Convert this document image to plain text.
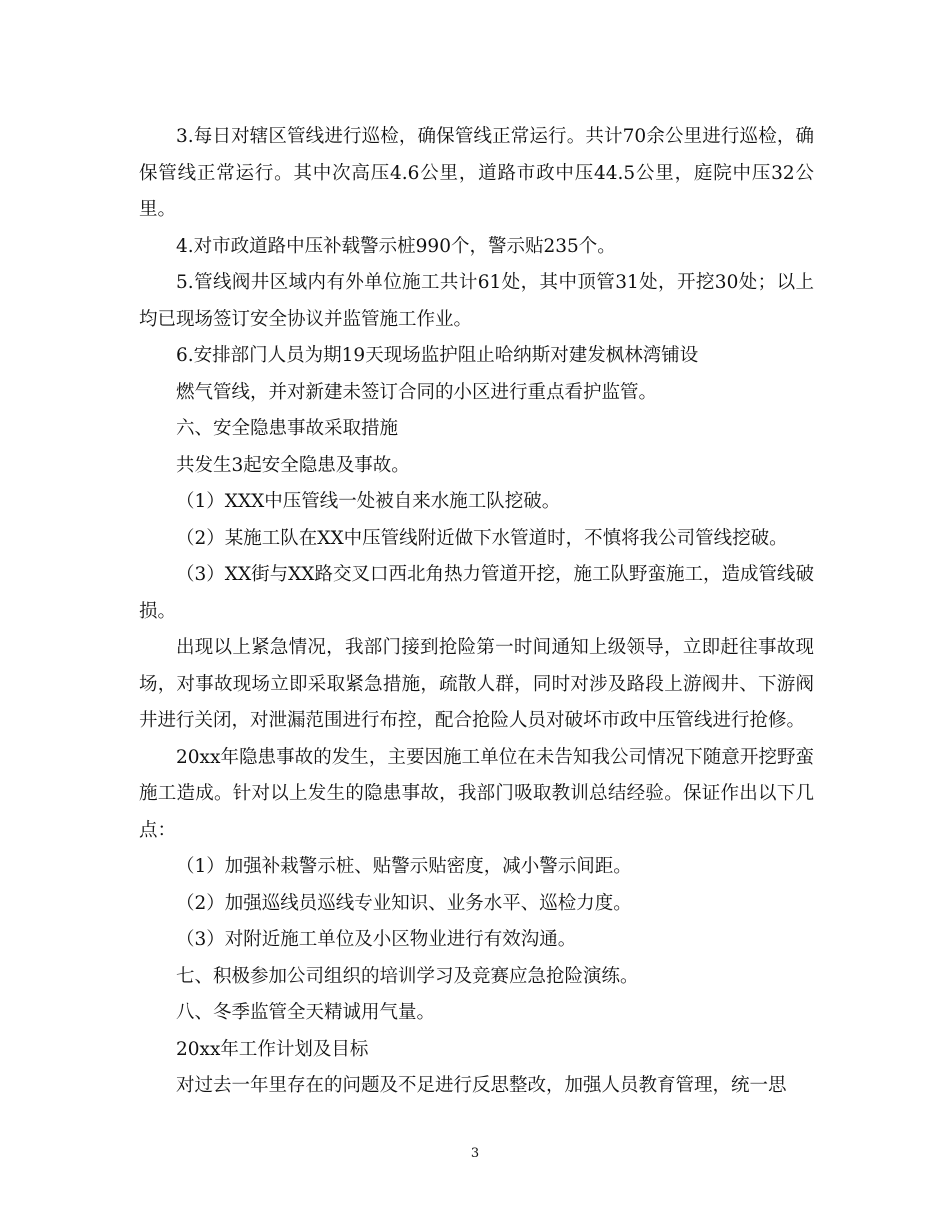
3.每日对辖区管线进行巡检，确保管线正常运行。共计70余公里进行巡检，确保管线正常运行。其中次高压4.6公里，道路市政中压44.5公里，庭院中压32公里。

4.对市政道路中压补载警示桩990个，警示贴235个。

5.管线阀井区域内有外单位施工共计61处，其中顶管31处，开挖30处；以上均已现场签订安全协议并监管施工作业。

6.安排部门人员为期19天现场监护阻止哈纳斯对建发枫林湾铺设

燃气管线，并对新建未签订合同的小区进行重点看护监管。

六、安全隐患事故采取措施

共发生3起安全隐患及事故。

（1）XXX中压管线一处被自来水施工队挖破。

（2）某施工队在XX中压管线附近做下水管道时，不慎将我公司管线挖破。

（3）XX街与XX路交叉口西北角热力管道开挖，施工队野蛮施工，造成管线破损。

出现以上紧急情况，我部门接到抢险第一时间通知上级领导，立即赶往事故现场，对事故现场立即采取紧急措施，疏散人群，同时对涉及路段上游阀井、下游阀井进行关闭，对泄漏范围进行布控，配合抢险人员对破坏市政中压管线进行抢修。

20xx年隐患事故的发生，主要因施工单位在未告知我公司情况下随意开挖野蛮施工造成。针对以上发生的隐患事故，我部门吸取教训总结经验。保证作出以下几点：

（1）加强补栽警示桩、贴警示贴密度，减小警示间距。

（2）加强巡线员巡线专业知识、业务水平、巡检力度。

（3）对附近施工单位及小区物业进行有效沟通。

七、积极参加公司组织的培训学习及竞赛应急抢险演练。

八、冬季监管全天精诚用气量。

20xx年工作计划及目标

对过去一年里存在的问题及不足进行反思整改，加强人员教育管理，统一思

3
